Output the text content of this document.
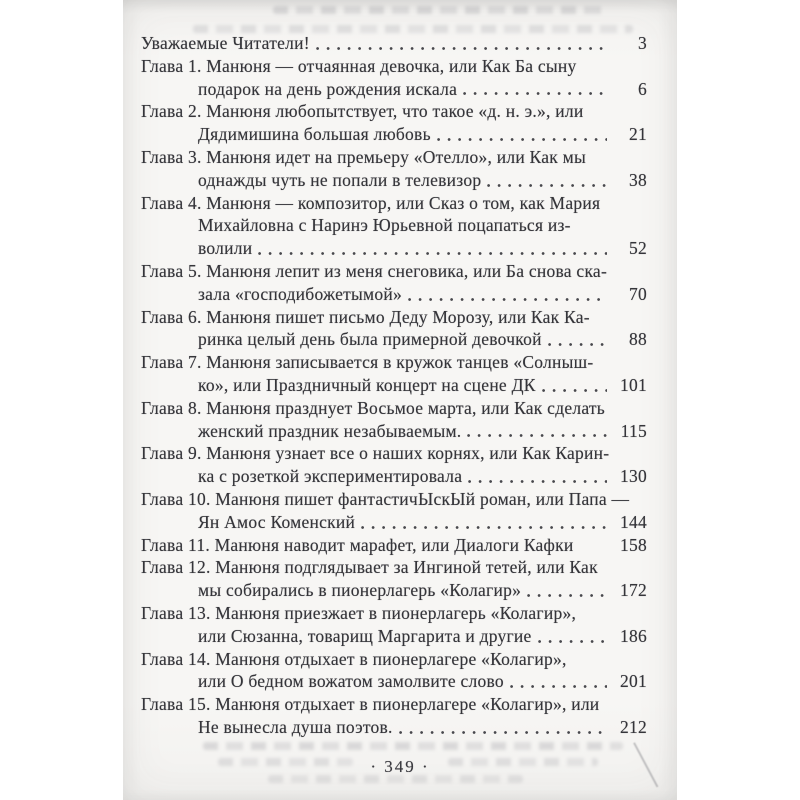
Уважаемые Читатели!	3
Глава 1. Манюня — отчаянная девочка, или Как Ба сыну
подарок на день рождения искала	6
Глава 2. Манюня любопытствует, что такое «д. н. э.», или
Дядимишина большая любовь	21
Глава 3. Манюня идет на премьеру «Отелло», или Как мы
однажды чуть не попали в телевизор	38
Глава 4. Манюня — композитор, или Сказ о том, как Мария
Михайловна с Наринэ Юрьевной поцапаться из-
волили	52
Глава 5. Манюня лепит из меня снеговика, или Ба снова ска-
зала «господибожетымой»	70
Глава 6. Манюня пишет письмо Деду Морозу, или Как Ка-
ринка целый день была примерной девочкой	88
Глава 7. Манюня записывается в кружок танцев «Солныш-
ко», или Праздничный концерт на сцене ДК	101
Глава 8. Манюня празднует Восьмое марта, или Как сделать
женский праздник незабываемым.	115
Глава 9. Манюня узнает все о наших корнях, или Как Карин-
ка с розеткой экспериментировала	130
Глава 10. Манюня пишет фантастичЫскЫй роман, или Папа —
Ян Амос Коменский	144
Глава 11. Манюня наводит марафет, или Диалоги Кафки	158
Глава 12. Манюня подглядывает за Ингиной тетей, или Как
мы собирались в пионерлагерь «Колагир»	172
Глава 13. Манюня приезжает в пионерлагерь «Колагир»,
или Сюзанна, товарищ Маргарита и другие	186
Глава 14. Манюня отдыхает в пионерлагере «Колагир»,
или О бедном вожатом замолвите слово	201
Глава 15. Манюня отдыхает в пионерлагере «Колагир», или
Не вынесла душа поэтов.	212
· 349 ·
